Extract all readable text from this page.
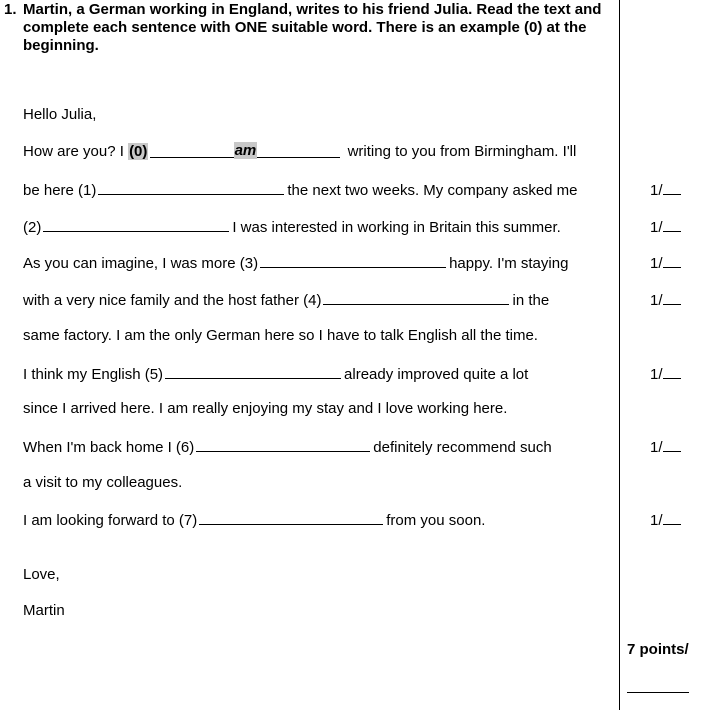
1. Martin, a German working in England, writes to his friend Julia. Read the text and complete each sentence with ONE suitable word. There is an example (0) at the beginning.
Hello Julia,
How are you? I (0)	am	writing to you from Birmingham. I'll
be here (1)	the next two weeks. My company asked me	1/
(2)	I was interested in working in Britain this summer.	1/
As you can imagine, I was more (3)	happy. I'm staying	1/
with a very nice family and the host father (4)	in the	1/
same factory. I am the only German here so I have to talk English all the time.
I think my English (5)	already improved quite a lot	1/
since I arrived here. I am really enjoying my stay and I love working here.
When I'm back home I (6)	definitely recommend such	1/
a visit to my colleagues.
I am looking forward to (7)	from you soon.	1/
Love,
Martin
7 points/
